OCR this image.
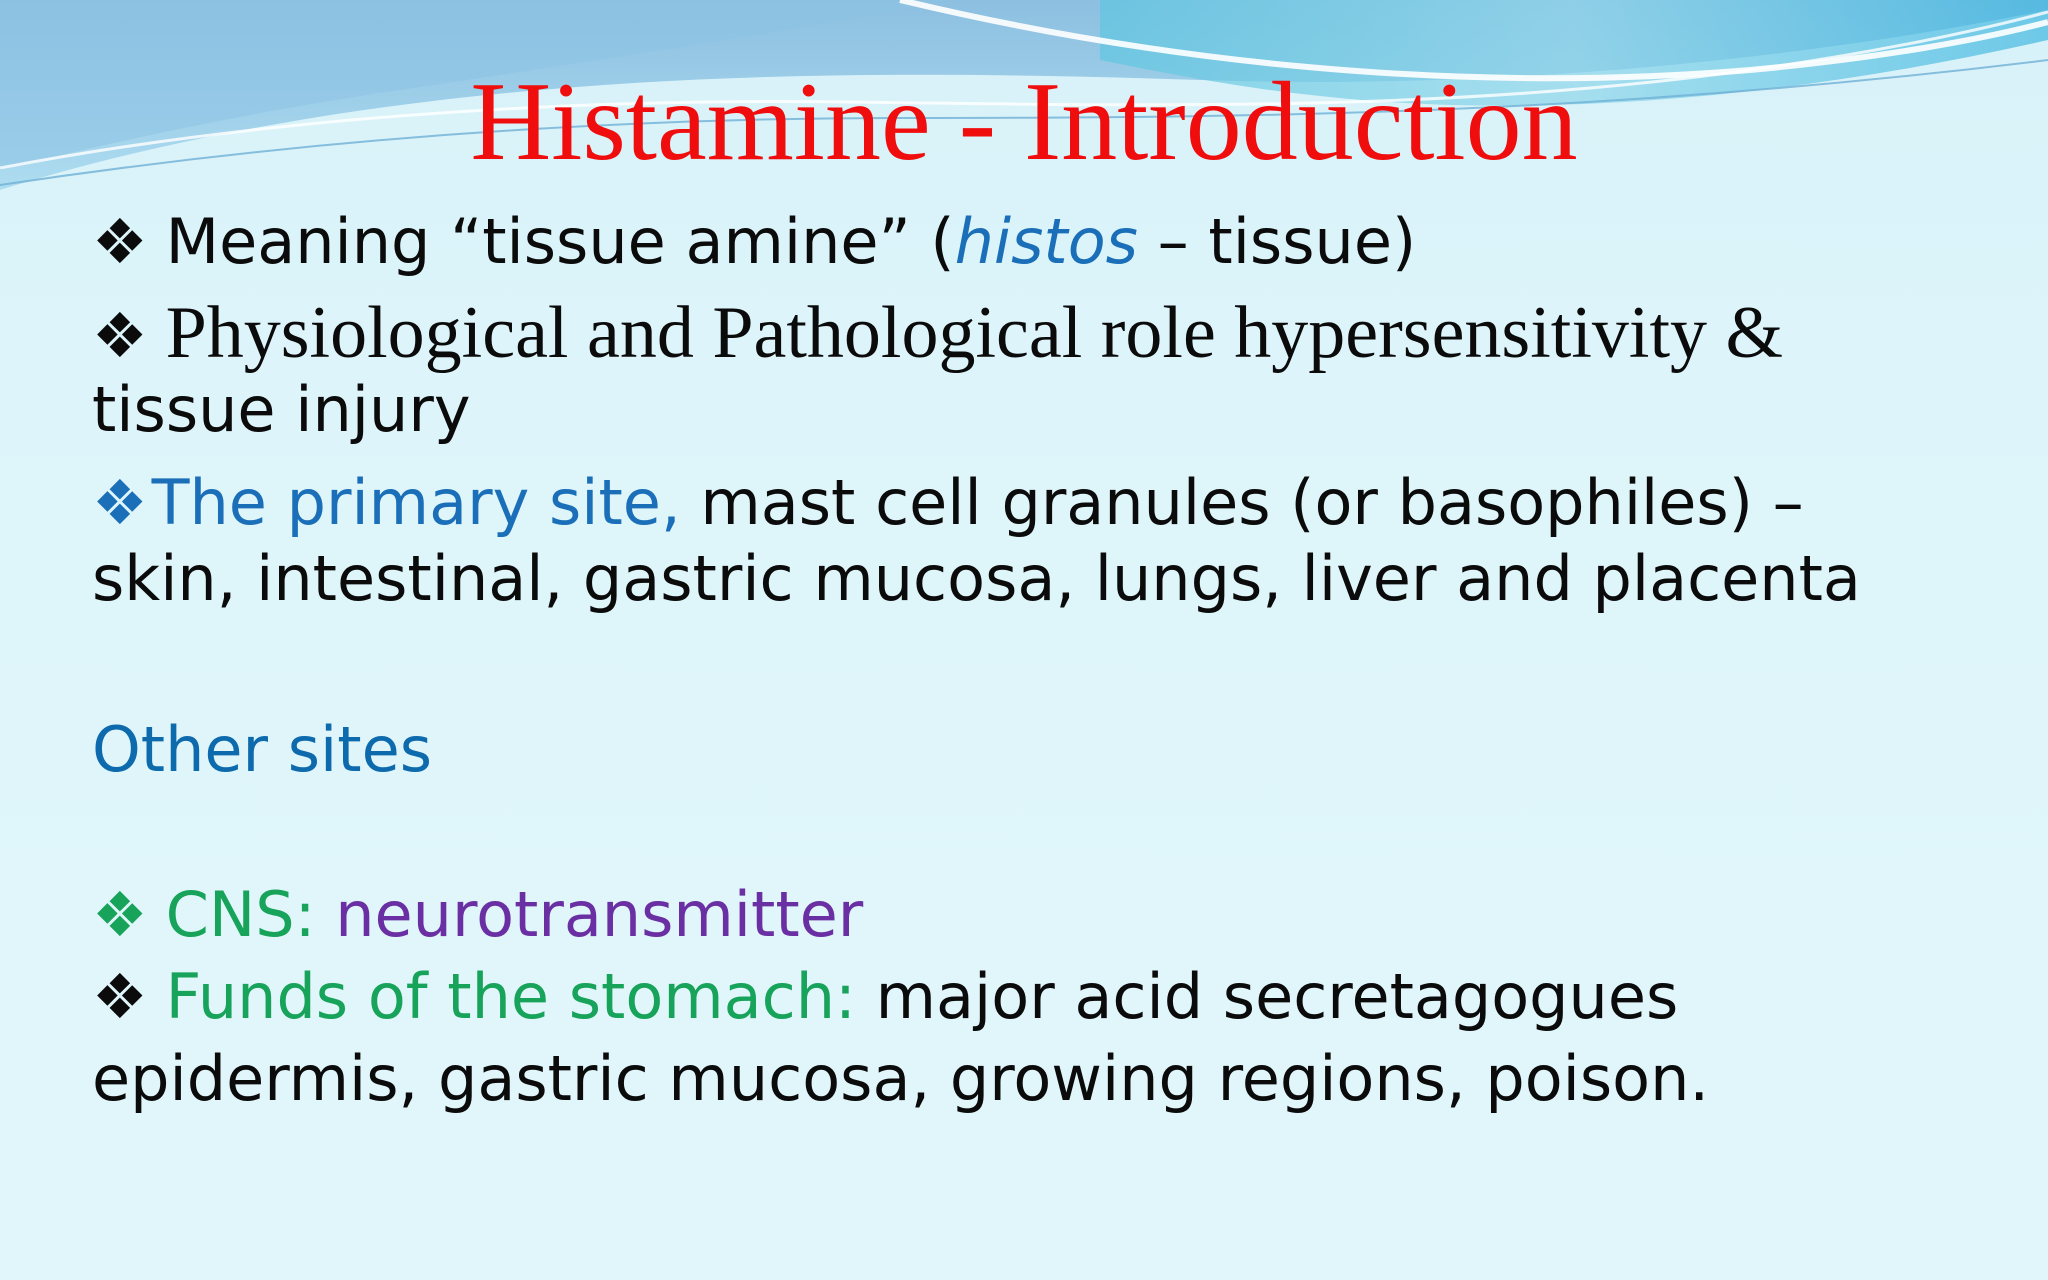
Histamine - Introduction
❖ Meaning “tissue amine” (histos – tissue)
❖ Physiological and Pathological role hypersensitivity &
tissue injury
❖The primary site, mast cell granules (or basophiles) –
skin, intestinal, gastric mucosa, lungs, liver and placenta
Other sites
❖ CNS: neurotransmitter
❖ Funds of the stomach: major acid secretagogues
epidermis, gastric mucosa, growing regions, poison.
